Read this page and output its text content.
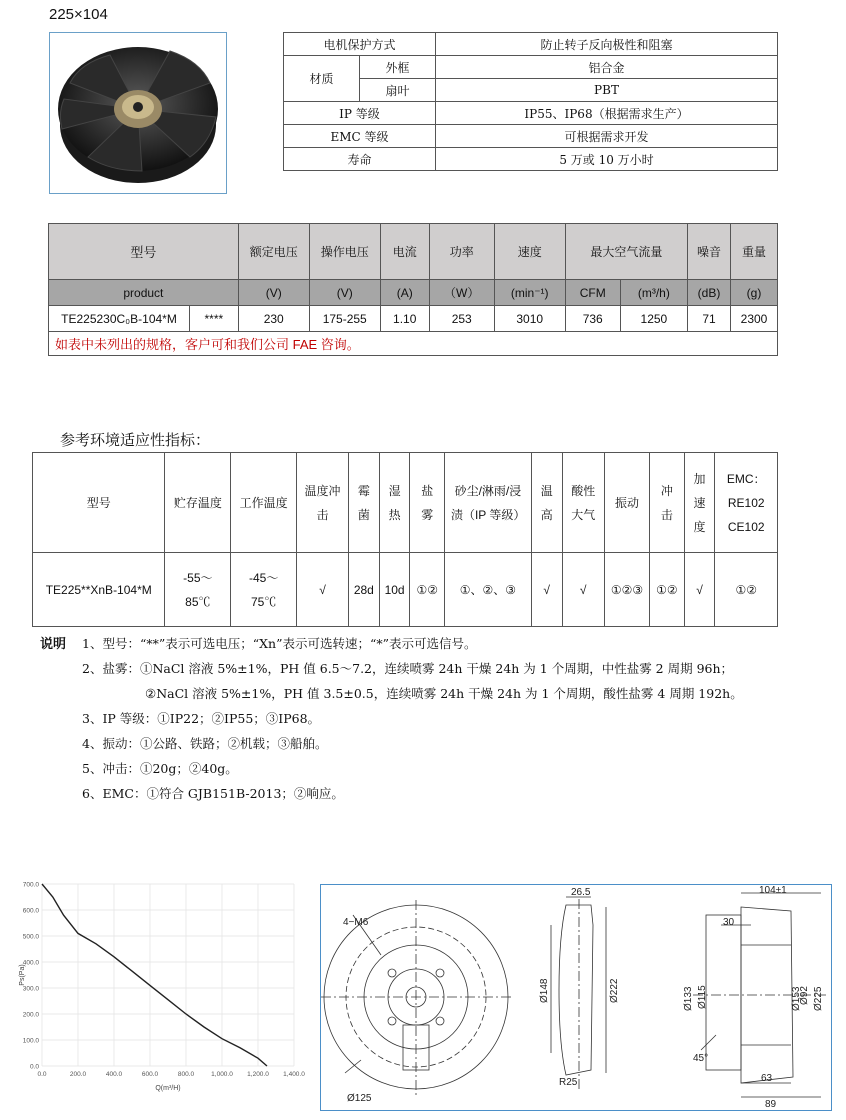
225×104
电机保护方式		防止转子反向极性和阻塞
材质	外框	铝合金
	扇叶	PBT
IP 等级		IP55、IP68（根据需求生产）
EMC 等级		可根据需求开发
寿命		5 万或 10 万小时
型号		额定电压	操作电压	电流	功率	速度	最大空气流量		噪音	重量
product		(V)	(V)	(A)	（W）	(min⁻¹)	CFM	(m³/h)	(dB)	(g)
TE225230C₀B-104*M	****	230	175-255	1.10	253	3010	736	1250	71	2300
如表中未列出的规格，客户可和我们公司 FAE 咨询。										
参考环境适应性指标：
型号	贮存温度	工作温度	温度冲击	霉菌	湿热	盐雾	砂尘/淋雨/浸渍（IP 等级）	温高	酸性大气	振动	冲击	加速度	EMC：RE102 CE102
TE225**XnB-104*M	-55～85℃	-45～75℃	√	28d	10d	①②	①、②、③	√	√	①②③	①②	√	①②
说明 1、型号：“**”表示可选电压；“Xn”表示可选转速；“*”表示可选信号。
2、盐雾：①NaCl 溶液 5%±1%，PH 值 6.5～7.2，连续喷雾 24h 干燥 24h 为 1 个周期，中性盐雾 2 周期 96h；
②NaCl 溶液 5%±1%，PH 值 3.5±0.5，连续喷雾 24h 干燥 24h 为 1 个周期，酸性盐雾 4 周期 192h。
3、IP 等级：①IP22；②IP55；③IP68。
4、振动：①公路、铁路；②机载；③船舶。
5、冲击：①20g；②40g。
6、EMC：①符合 GJB151B-2013；②响应。
0.0
100.0
200.0
300.0
400.0
500.0
600.0
700.0
0.0	200.0	400.0	600.0	800.0	1,000.0 1,200.0 1,400.0
Q(m³/H)
Ps(Pa)
4−M6
Ø125
26.5
Ø148	Ø222
R25
104±1
30
Ø133 Ø115	Ø92
Ø153 Ø225
45°
63
89
